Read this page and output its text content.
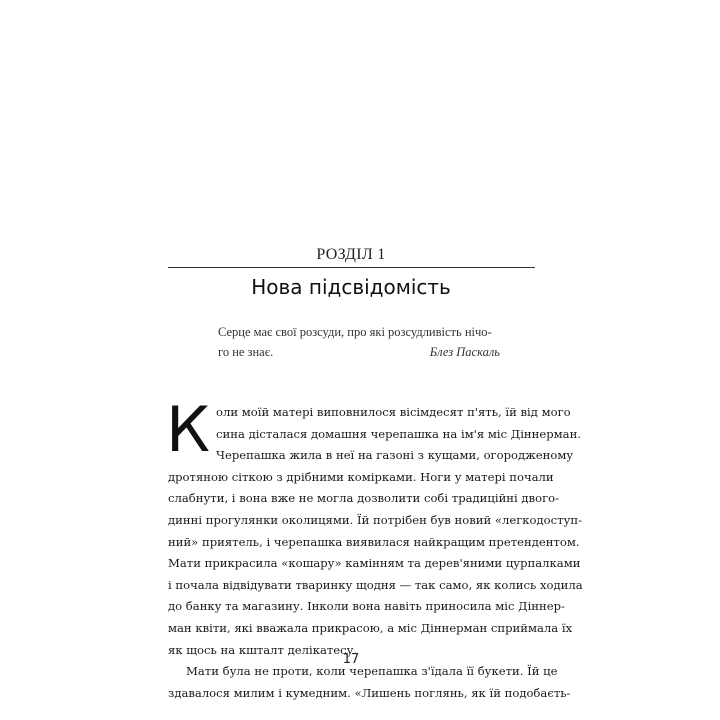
РОЗДІЛ 1
Нова підсвідомість
Серце має свої розсуди, про які розсудливість нічо-
го не знає.	Блез Паскаль

К оли моїй матері виповнилося вісімдесят п'ять, їй від мого
сина дісталася домашня черепашка на ім'я міс Діннерман.
Черепашка жила в неї на газоні з кущами, огородженому
дротяною сіткою з дрібними комірками. Ноги у матері почали
слабнути, і вона вже не могла дозволити собі традиційні двого-
динні прогулянки околицями. Їй потрібен був новий «легкодоступ-
ний» приятель, і черепашка виявилася найкращим претендентом.
Мати прикрасила «кошару» камінням та дерев'яними цурпалками
і почала відвідувати тваринку щодня — так само, як колись ходила
до банку та магазину. Інколи вона навіть приносила міс Діннер-
ман квіти, які вважала прикрасою, а міс Діннерман сприймала їх
як щось на кшталт делікатесу.

Мати була не проти, коли черепашка з'їдала її букети. Їй це
здавалося милим і кумедним. «Лишень поглянь, як їй подобаєть-

17
